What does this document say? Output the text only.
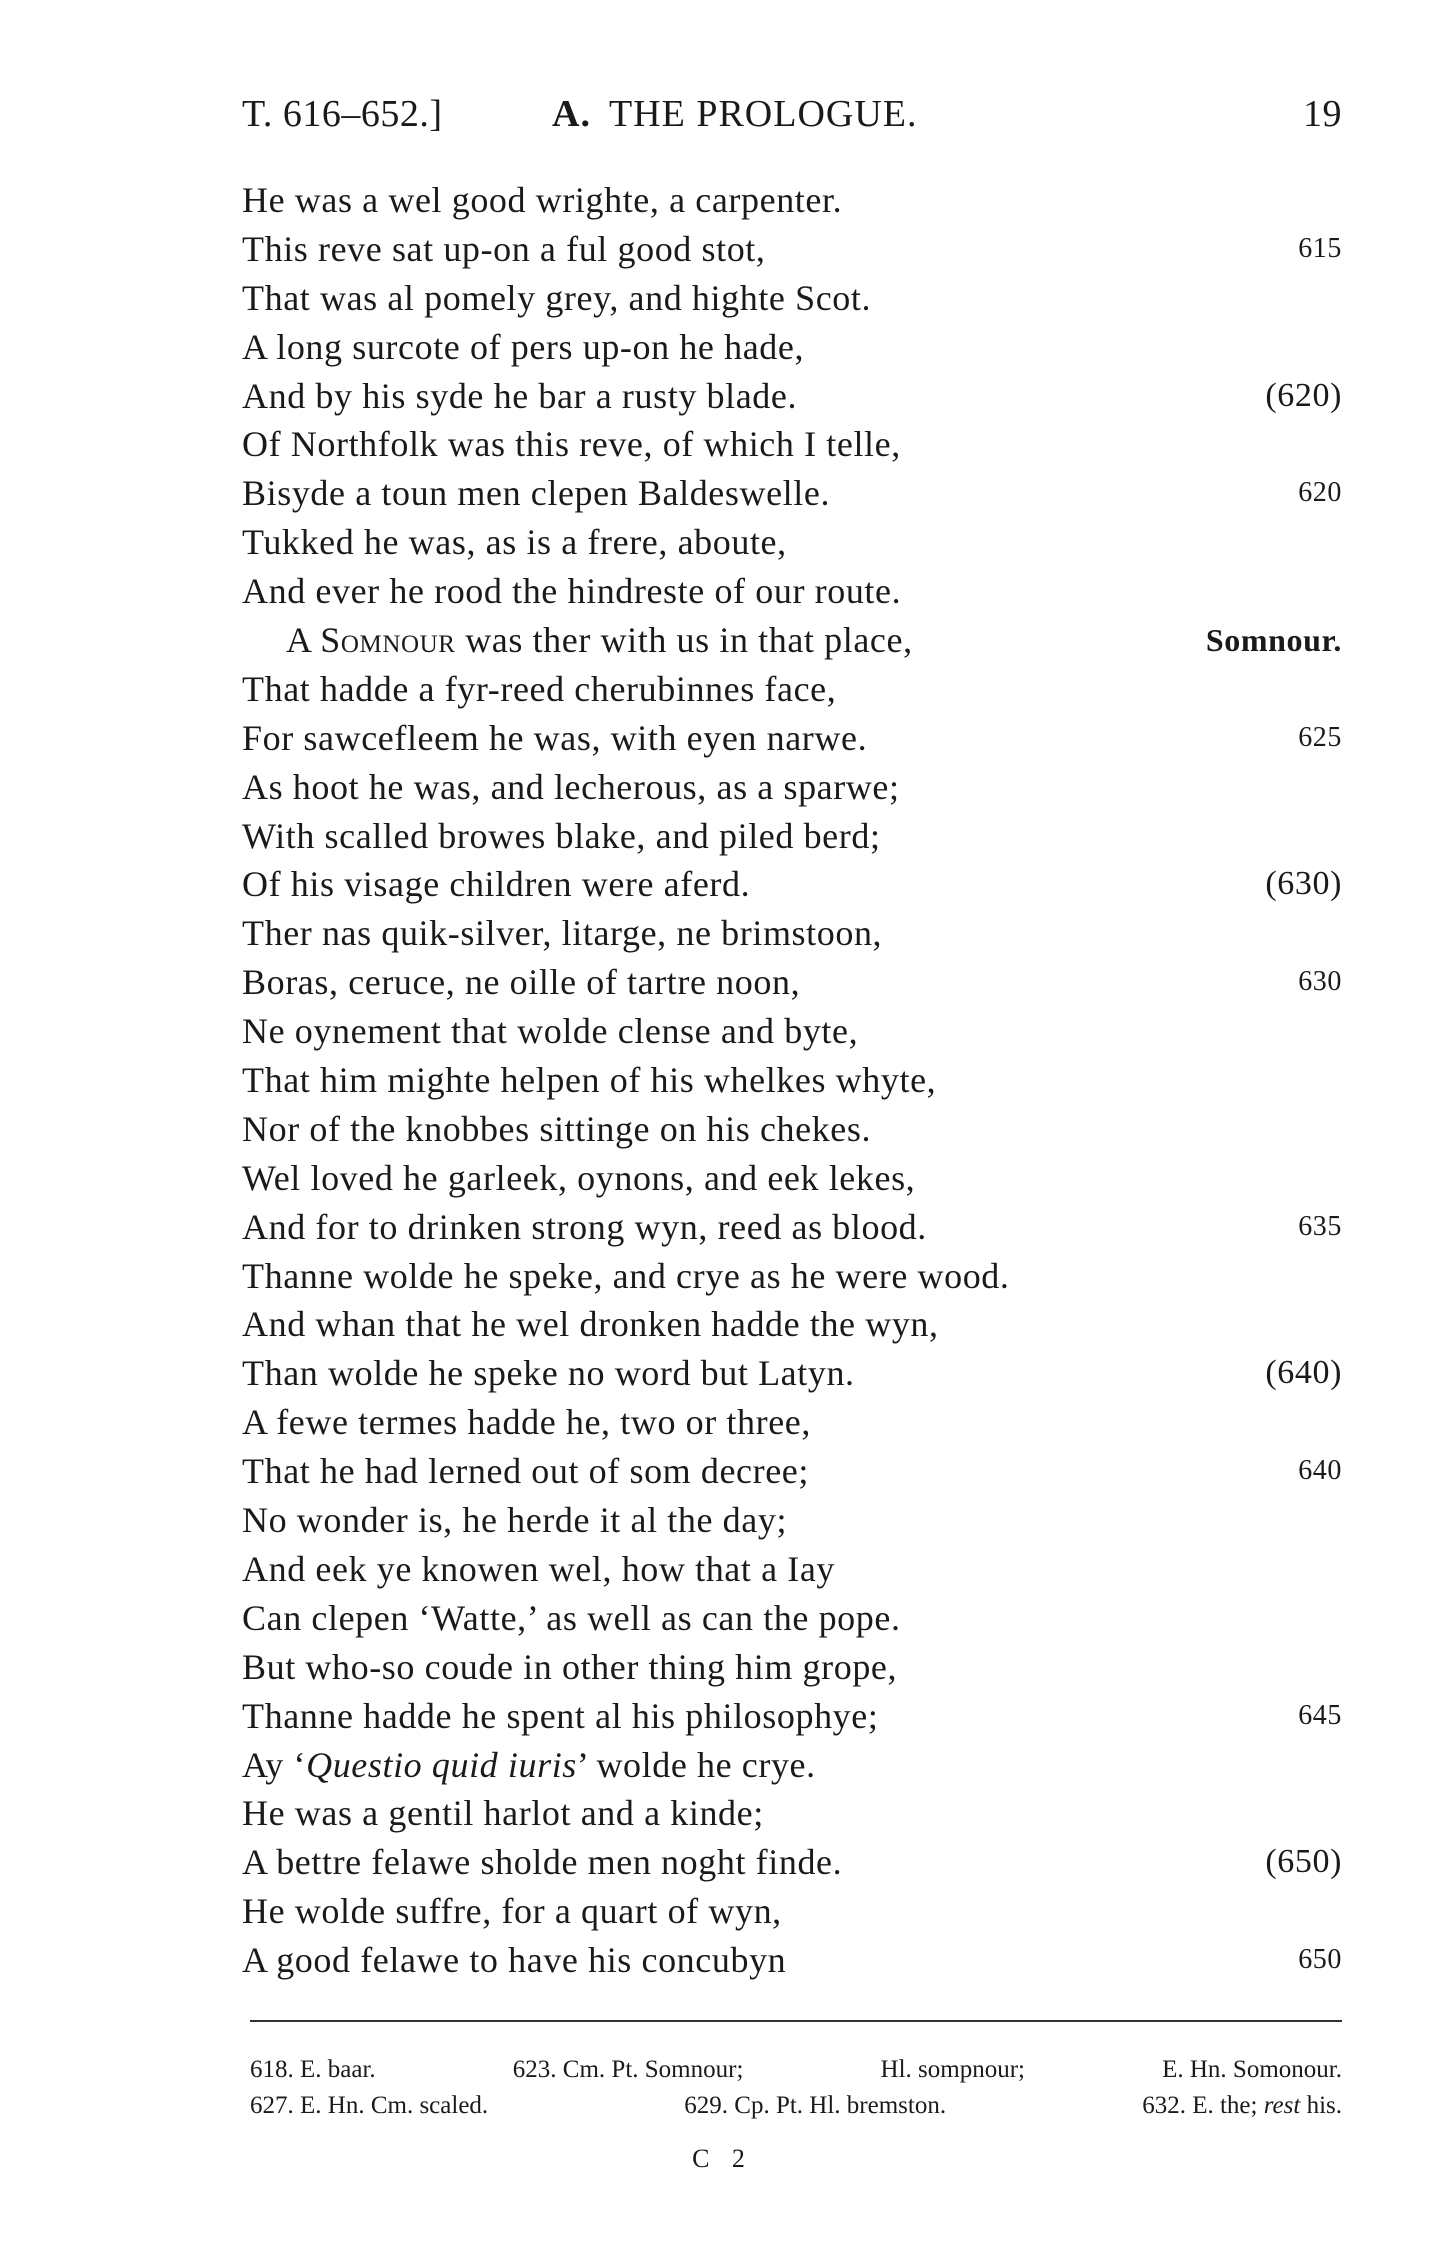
T. 616–652.]	A. THE PROLOGUE.	19
He was a wel good wrighte, a carpenter.
This reve sat up-on a ful good stot,	615
That was al pomely grey, and highte Scot.
A long surcote of pers up-on he hade,
And by his syde he bar a rusty blade.	(620)
Of Northfolk was this reve, of which I telle,
Bisyde a toun men clepen Baldeswelle.	620
Tukked he was, as is a frere, aboute,
And ever he rood the hindreste of our route.
A Somnour was ther with us in that place,	Somnour.
That hadde a fyr-reed cherubinnes face,
For sawcefleem he was, with eyen narwe.	625
As hoot he was, and lecherous, as a sparwe;
With scalled browes blake, and piled berd;
Of his visage children were aferd.	(630)
Ther nas quik-silver, litarge, ne brimstoon,
Boras, ceruce, ne oille of tartre noon,	630
Ne oynement that wolde clense and byte,
That him mighte helpen of his whelkes whyte,
Nor of the knobbes sittinge on his chekes.
Wel loved he garleek, oynons, and eek lekes,
And for to drinken strong wyn, reed as blood.	635
Thanne wolde he speke, and crye as he were wood.
And whan that he wel dronken hadde the wyn,
Than wolde he speke no word but Latyn.	(640)
A fewe termes hadde he, two or three,
That he had lerned out of som decree;	640
No wonder is, he herde it al the day;
And eek ye knowen wel, how that a Iay
Can clepen ‘Watte,’ as well as can the pope.
But who-so coude in other thing him grope,
Thanne hadde he spent al his philosophye;	645
Ay ‘Questio quid iuris’ wolde he crye.
He was a gentil harlot and a kinde;
A bettre felawe sholde men noght finde.	(650)
He wolde suffre, for a quart of wyn,
A good felawe to have his concubyn	650
618. E. baar.	623. Cm. Pt. Somnour;	Hl. sompnour;	E. Hn. Somonour.
627. E. Hn. Cm. scaled.	629. Cp. Pt. Hl. bremston.	632. E. the; rest his.
C 2
